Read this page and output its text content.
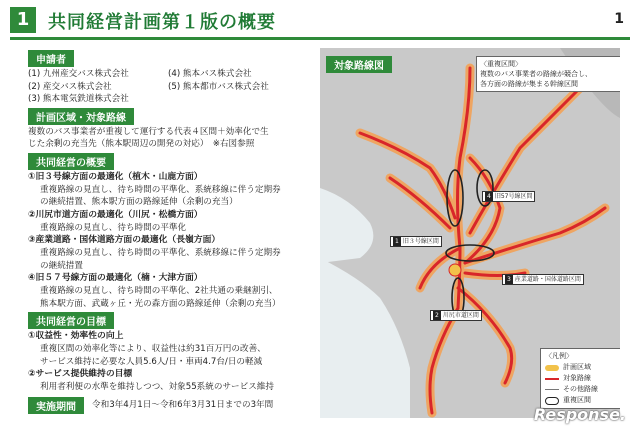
1	共同経営計画第１版の概要	1
申請者
(1) 九州産交バス株式会社	(4) 熊本バス株式会社
(2) 産交バス株式会社	(5) 熊本都市バス株式会社
(3) 熊本電気鉄道株式会社
計画区域・対象路線
複数のバス事業者が重複して運行する代表４区間＋効率化で生
じた余剰の充当先（熊本駅周辺の開発の対応）　※右図参照
共同経営の概要
①旧３号線方面の最適化（植木・山鹿方面）
重複路線の見直し、待ち時間の平準化、系統移線に伴う定期券
の継続措置、熊本駅方面の路線延伸（余剰の充当）
②川尻市道方面の最適化（川尻・松橋方面）
重複路線の見直し、待ち時間の平準化
③産業道路・国体道路方面の最適化（長嶺方面）
重複路線の見直し、待ち時間の平準化、系統移線に伴う定期券
の継続措置
④旧５７号線方面の最適化（楠・大津方面）
重複路線の見直し、待ち時間の平準化、2社共通の乗継割引、
熊本駅方面、武蔵ヶ丘・光の森方面の路線延伸（余剰の充当）
共同経営の目標
①収益性・効率性の向上
重複区間の効率化等により、収益性は約31百万円の改善、
サービス維持に必要な人員5.6人/日・車両4.7台/日の軽減
②サービス提供維持の目標
利用者利便の水準を維持しつつ、対象55系統のサービス維持
実施期間	令和3年4月1日～令和6年3月31日までの3年間
対象路線図	〈重複区間〉
複数のバス事業者の路線が競合し、
各方面の路線が集まる幹線区間
1 旧３号線区間
2 川尻市道区間
3 産業道路・国体道路区間
4 旧57号線区間
〈凡例〉
計画区域
対象路線
その他路線
重複区間
Response.
